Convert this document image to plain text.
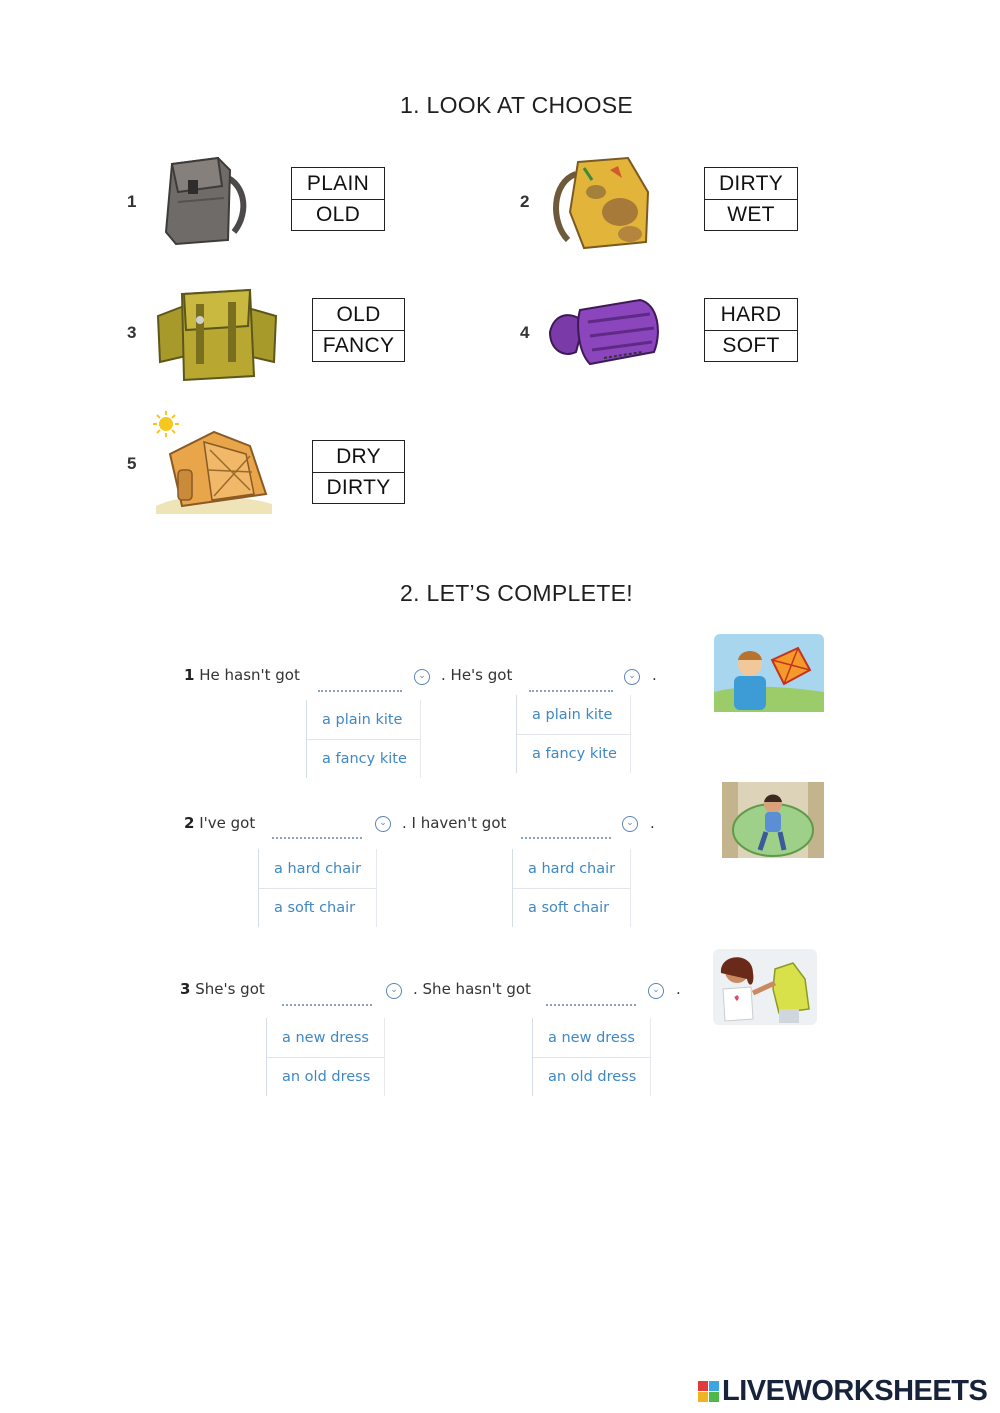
1. LOOK AT CHOOSE
1
PLAIN
OLD
2
DIRTY
WET
3
OLD
FANCY
4
HARD
SOFT
5	DRY
DIRTY
2. LET’S COMPLETE!
1 He hasn't got	⌄ . He's got	⌄ .
a plain kite
a fancy kite
a plain kite
a fancy kite
2 I've got	⌄ . I haven't got	⌄ .
a hard chair
a soft chair
a hard chair
a soft chair
3 She's got	⌄ . She hasn't got	⌄ .
a new dress
an old dress
a new dress
an old dress
LIVEWORKSHEETS
